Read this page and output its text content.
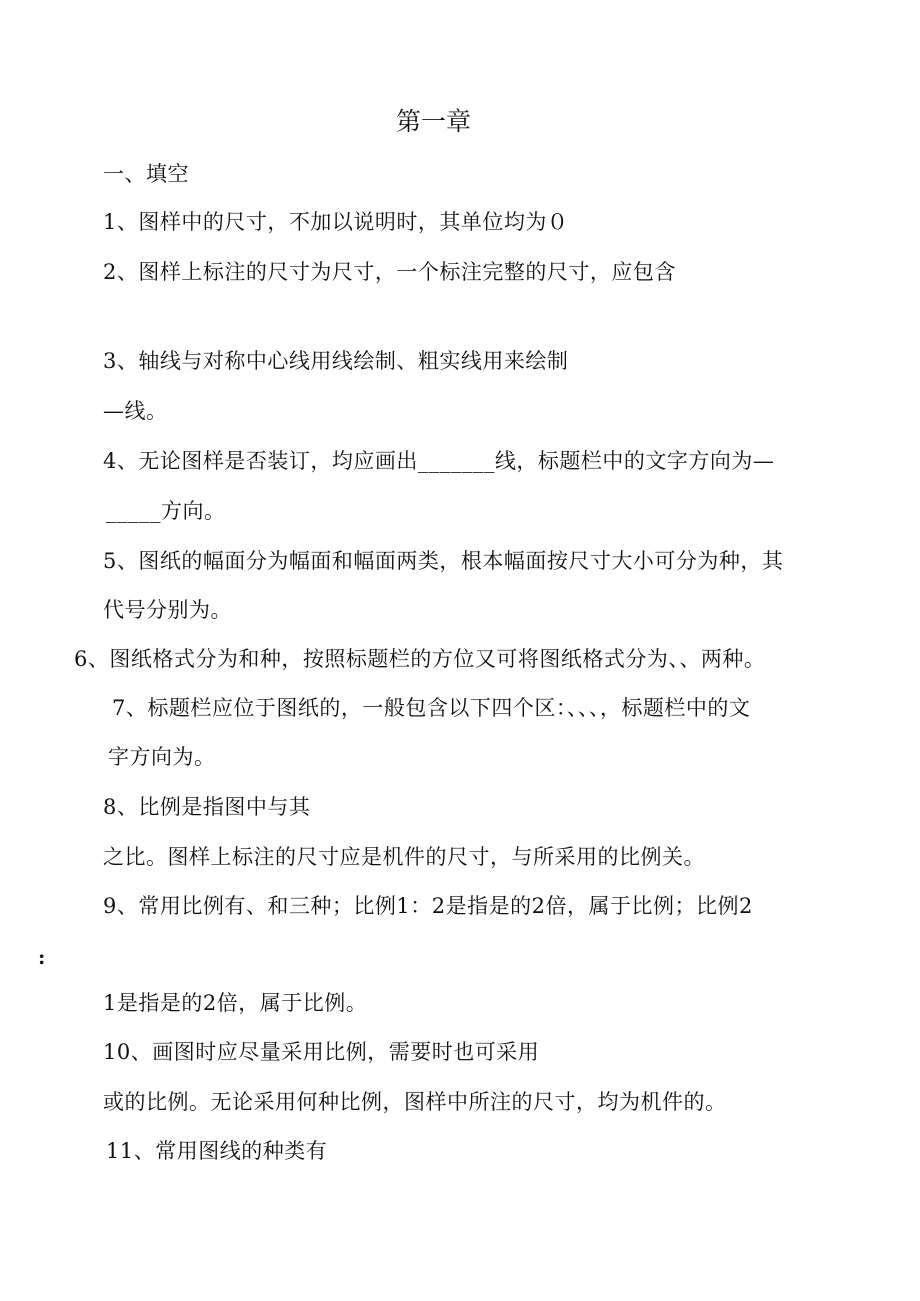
第一章
一、填空
1、图样中的尺寸，不加以说明时，其单位均为０
2、图样上标注的尺寸为尺寸，一个标注完整的尺寸，应包含
3、轴线与对称中心线用线绘制、粗实线用来绘制
—线。
4、无论图样是否装订，均应画出_______线，标题栏中的文字方向为—
_____方向。
5、图纸的幅面分为幅面和幅面两类，根本幅面按尺寸大小可分为种，其
代号分别为。
6、图纸格式分为和种，按照标题栏的方位又可将图纸格式分为、、两种。
7、标题栏应位于图纸的，一般包含以下四个区：、、、，标题栏中的文
字方向为。
8、比例是指图中与其
之比。图样上标注的尺寸应是机件的尺寸，与所采用的比例关。
9、常用比例有、和三种；比例1：2是指是的2倍，属于比例；比例2
:
1是指是的2倍，属于比例。
10、画图时应尽量采用比例，需要时也可采用
或的比例。无论采用何种比例，图样中所注的尺寸，均为机件的。
11、常用图线的种类有
